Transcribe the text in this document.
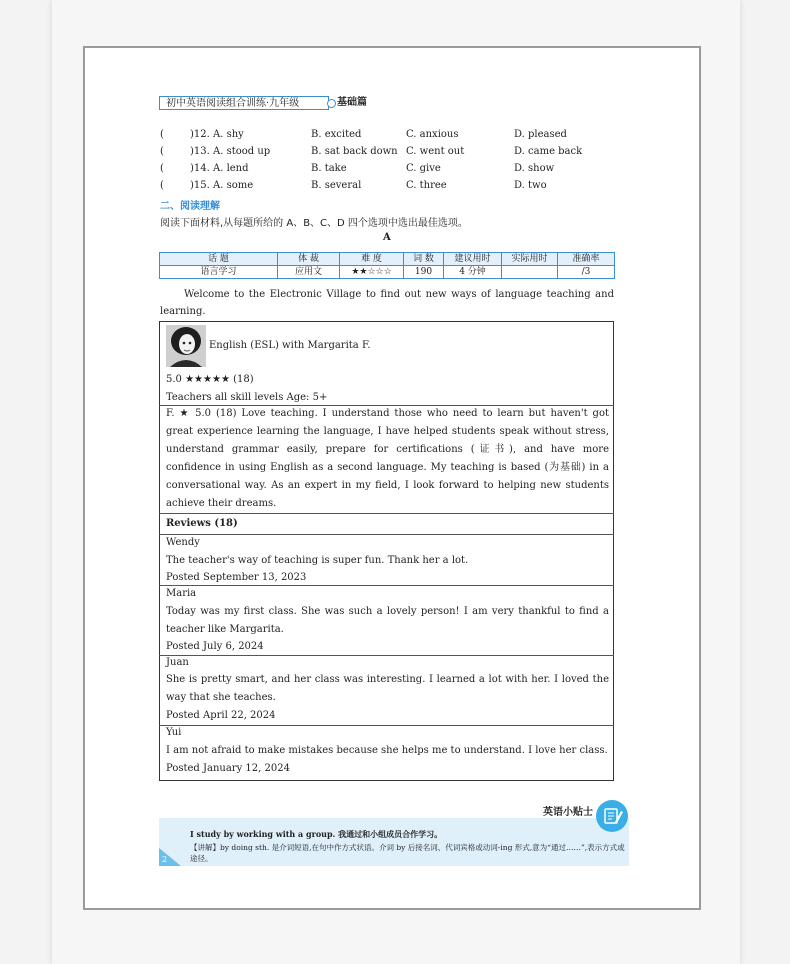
初中英语阅读组合训练·九年级	基础篇
(	)12. A. shy	B. excited	C. anxious	D. pleased
(	)13. A. stood up	B. sat back down C. went out	D. came back
(	)14. A. lend	B. take	C. give	D. show
(	)15. A. some	B. several	C. three	D. two
二、阅读理解
阅读下面材料,从每题所给的 A、B、C、D 四个选项中选出最佳选项。
A
话 题	体 裁	难 度	词 数	建议用时	实际用时	准确率
语言学习	应用文	★★☆☆☆	190	4 分钟		/3
Welcome to the Electronic Village to find out new ways of language teaching and learning.
English (ESL) with Margarita F.
5.0 ★★★★★ (18)
Teachers all skill levels Age: 5+
F. ★ 5.0 (18) Love teaching. I understand those who need to learn but haven't got great experience learning the language, I have helped students speak without stress, understand grammar easily, prepare for certifications (证书), and have more confidence in using English as a second language. My teaching is based (为基础) in a conversational way. As an expert in my field, I look forward to helping new students achieve their dreams.
Reviews (18)
Wendy
The teacher's way of teaching is super fun. Thank her a lot.
Posted September 13, 2023
Maria
Today was my first class. She was such a lovely person! I am very thankful to find a teacher like Margarita.
Posted July 6, 2024
Juan
She is pretty smart, and her class was interesting. I learned a lot with her. I loved the way that she teaches.
Posted April 22, 2024
Yui
I am not afraid to make mistakes because she helps me to understand. I love her class.
Posted January 12, 2024
英语小贴士
2
I study by working with a group. 我通过和小组成员合作学习。
【讲解】by doing sth. 是介词短语,在句中作方式状语。介词 by 后接名词、代词宾格或动词-ing 形式,意为“通过……”,表示方式或途径。
